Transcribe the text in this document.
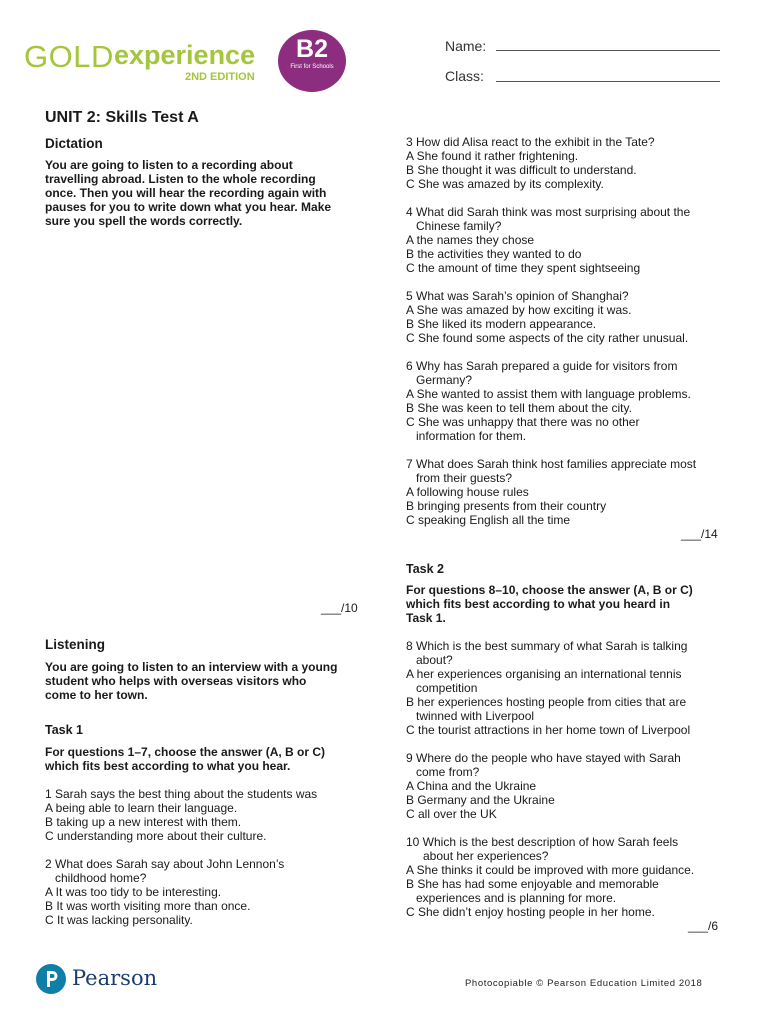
GOLD experience
2ND EDITION
B2
First for Schools
Name:
Class:
UNIT 2: Skills Test A
Dictation
You are going to listen to a recording about
travelling abroad. Listen to the whole recording
once. Then you will hear the recording again with
pauses for you to write down what you hear. Make
sure you spell the words correctly.
___/10
Listening
You are going to listen to an interview with a young
student who helps with overseas visitors who
come to her town.
Task 1
For questions 1–7, choose the answer (A, B or C)
which fits best according to what you hear.

1 Sarah says the best thing about the students was

A being able to learn their language.

B taking up a new interest with them.

C understanding more about their culture.

2 What does Sarah say about John Lennon’s

childhood home?

A It was too tidy to be interesting.

B It was worth visiting more than once.

C It was lacking personality.

3 How did Alisa react to the exhibit in the Tate?

A She found it rather frightening.

B She thought it was difficult to understand.

C She was amazed by its complexity.

4 What did Sarah think was most surprising about the

Chinese family?

A the names they chose

B the activities they wanted to do

C the amount of time they spent sightseeing

5 What was Sarah’s opinion of Shanghai?

A She was amazed by how exciting it was.

B She liked its modern appearance.

C She found some aspects of the city rather unusual.

6 Why has Sarah prepared a guide for visitors from

Germany?

A She wanted to assist them with language problems.

B She was keen to tell them about the city.

C She was unhappy that there was no other

information for them.

7 What does Sarah think host families appreciate most

from their guests?

A following house rules

B bringing presents from their country

C speaking English all the time

___/14
Task 2
For questions 8–10, choose the answer (A, B or C)
which fits best according to what you heard in
Task 1.

8 Which is the best summary of what Sarah is talking

about?

A her experiences organising an international tennis

competition

B her experiences hosting people from cities that are

twinned with Liverpool

C the tourist attractions in her home town of Liverpool

9 Where do the people who have stayed with Sarah

come from?

A China and the Ukraine

B Germany and the Ukraine

C all over the UK

10 Which is the best description of how Sarah feels

about her experiences?

A She thinks it could be improved with more guidance.

B She has had some enjoyable and memorable

experiences and is planning for more.

C She didn’t enjoy hosting people in her home.

___/6
Pearson	Photocopiable © Pearson Education Limited 2018
